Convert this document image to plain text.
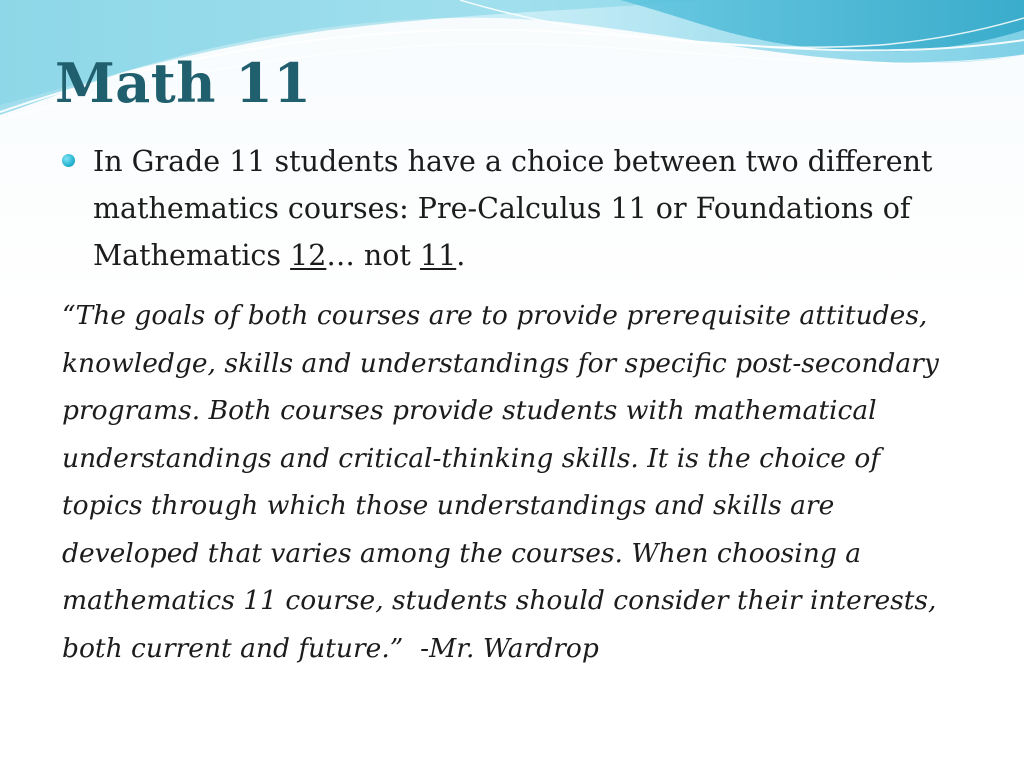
Math 11

In Grade 11 students have a choice between two different mathematics courses: Pre-Calculus 11 or Foundations of Mathematics 12… not 11.

“The goals of both courses are to provide prerequisite attitudes, knowledge, skills and understandings for specific post-secondary programs. Both courses provide students with mathematical understandings and critical-thinking skills. It is the choice of topics through which those understandings and skills are developed that varies among the courses. When choosing a mathematics 11 course, students should consider their interests, both current and future.”  -Mr. Wardrop
